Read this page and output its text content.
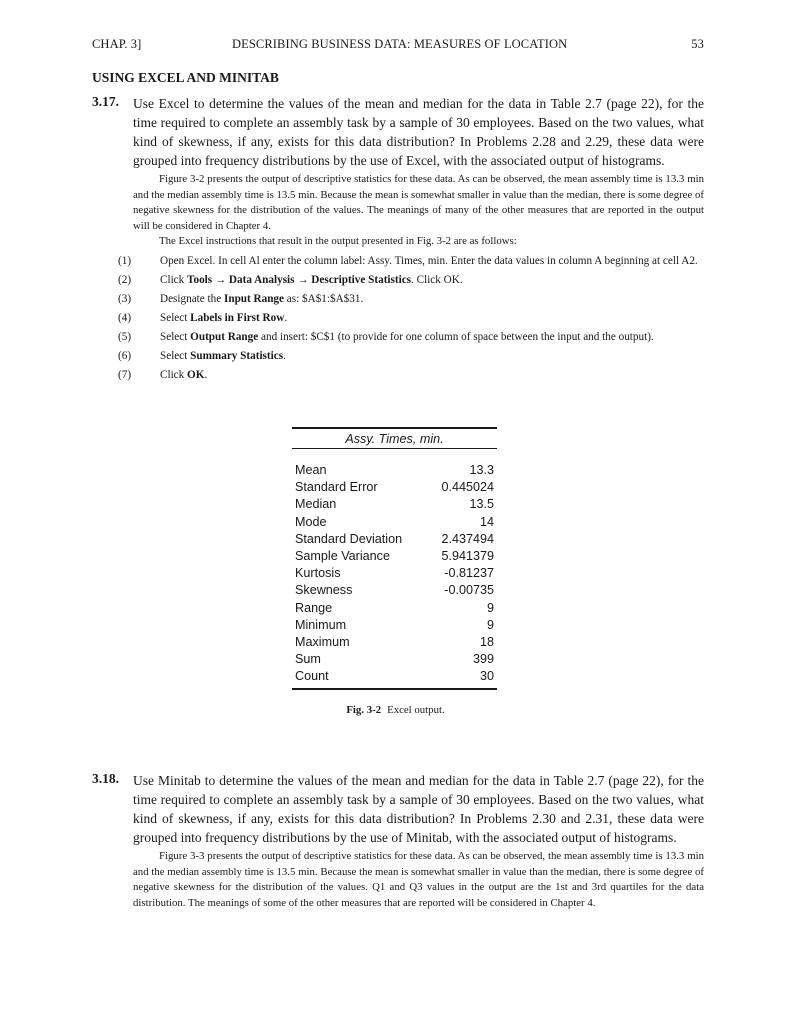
CHAP. 3]	DESCRIBING BUSINESS DATA: MEASURES OF LOCATION	53
USING EXCEL AND MINITAB
3.17. Use Excel to determine the values of the mean and median for the data in Table 2.7 (page 22), for the time required to complete an assembly task by a sample of 30 employees. Based on the two values, what kind of skewness, if any, exists for this data distribution? In Problems 2.28 and 2.29, these data were grouped into frequency distributions by the use of Excel, with the associated output of histograms.

Figure 3-2 presents the output of descriptive statistics for these data. As can be observed, the mean assembly time is 13.3 min and the median assembly time is 13.5 min. Because the mean is somewhat smaller in value than the median, there is some degree of negative skewness for the distribution of the values. The meanings of many of the other measures that are reported in the output will be considered in Chapter 4.

The Excel instructions that result in the output presented in Fig. 3-2 are as follows:

(1)	Open Excel. In cell Al enter the column label: Assy. Times, min. Enter the data values in column A beginning at cell A2.
(2)	Click Tools → Data Analysis → Descriptive Statistics. Click OK.
(3)	Designate the Input Range as: $A$1:$A$31.
(4)	Select Labels in First Row.
(5)	Select Output Range and insert: $C$1 (to provide for one column of space between the input and the output).
(6)	Select Summary Statistics.
(7)	Click OK.
Assy. Times, min.
Mean	13.3
Standard Error	0.445024
Median	13.5
Mode	14
Standard Deviation	2.437494
Sample Variance	5.941379
Kurtosis	-0.81237
Skewness	-0.00735
Range	9
Minimum	9
Maximum	18
Sum	399
Count	30
Fig. 3-2 Excel output.
3.18. Use Minitab to determine the values of the mean and median for the data in Table 2.7 (page 22), for the time required to complete an assembly task by a sample of 30 employees. Based on the two values, what kind of skewness, if any, exists for this data distribution? In Problems 2.30 and 2.31, these data were grouped into frequency distributions by the use of Minitab, with the associated output of histograms.

Figure 3-3 presents the output of descriptive statistics for these data. As can be observed, the mean assembly time is 13.3 min and the median assembly time is 13.5 min. Because the mean is somewhat smaller in value than the median, there is some degree of negative skewness for the distribution of the values. Q1 and Q3 values in the output are the 1st and 3rd quartiles for the data distribution. The meanings of some of the other measures that are reported will be considered in Chapter 4.
